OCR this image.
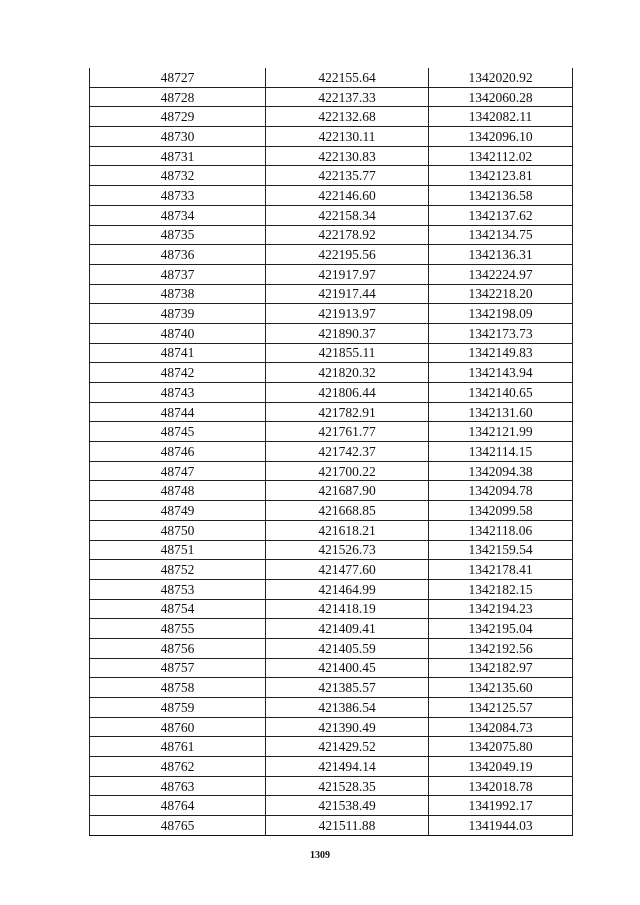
48727	422155.64	1342020.92
48728	422137.33	1342060.28
48729	422132.68	1342082.11
48730	422130.11	1342096.10
48731	422130.83	1342112.02
48732	422135.77	1342123.81
48733	422146.60	1342136.58
48734	422158.34	1342137.62
48735	422178.92	1342134.75
48736	422195.56	1342136.31
48737	421917.97	1342224.97
48738	421917.44	1342218.20
48739	421913.97	1342198.09
48740	421890.37	1342173.73
48741	421855.11	1342149.83
48742	421820.32	1342143.94
48743	421806.44	1342140.65
48744	421782.91	1342131.60
48745	421761.77	1342121.99
48746	421742.37	1342114.15
48747	421700.22	1342094.38
48748	421687.90	1342094.78
48749	421668.85	1342099.58
48750	421618.21	1342118.06
48751	421526.73	1342159.54
48752	421477.60	1342178.41
48753	421464.99	1342182.15
48754	421418.19	1342194.23
48755	421409.41	1342195.04
48756	421405.59	1342192.56
48757	421400.45	1342182.97
48758	421385.57	1342135.60
48759	421386.54	1342125.57
48760	421390.49	1342084.73
48761	421429.52	1342075.80
48762	421494.14	1342049.19
48763	421528.35	1342018.78
48764	421538.49	1341992.17
48765	421511.88	1341944.03
1309
